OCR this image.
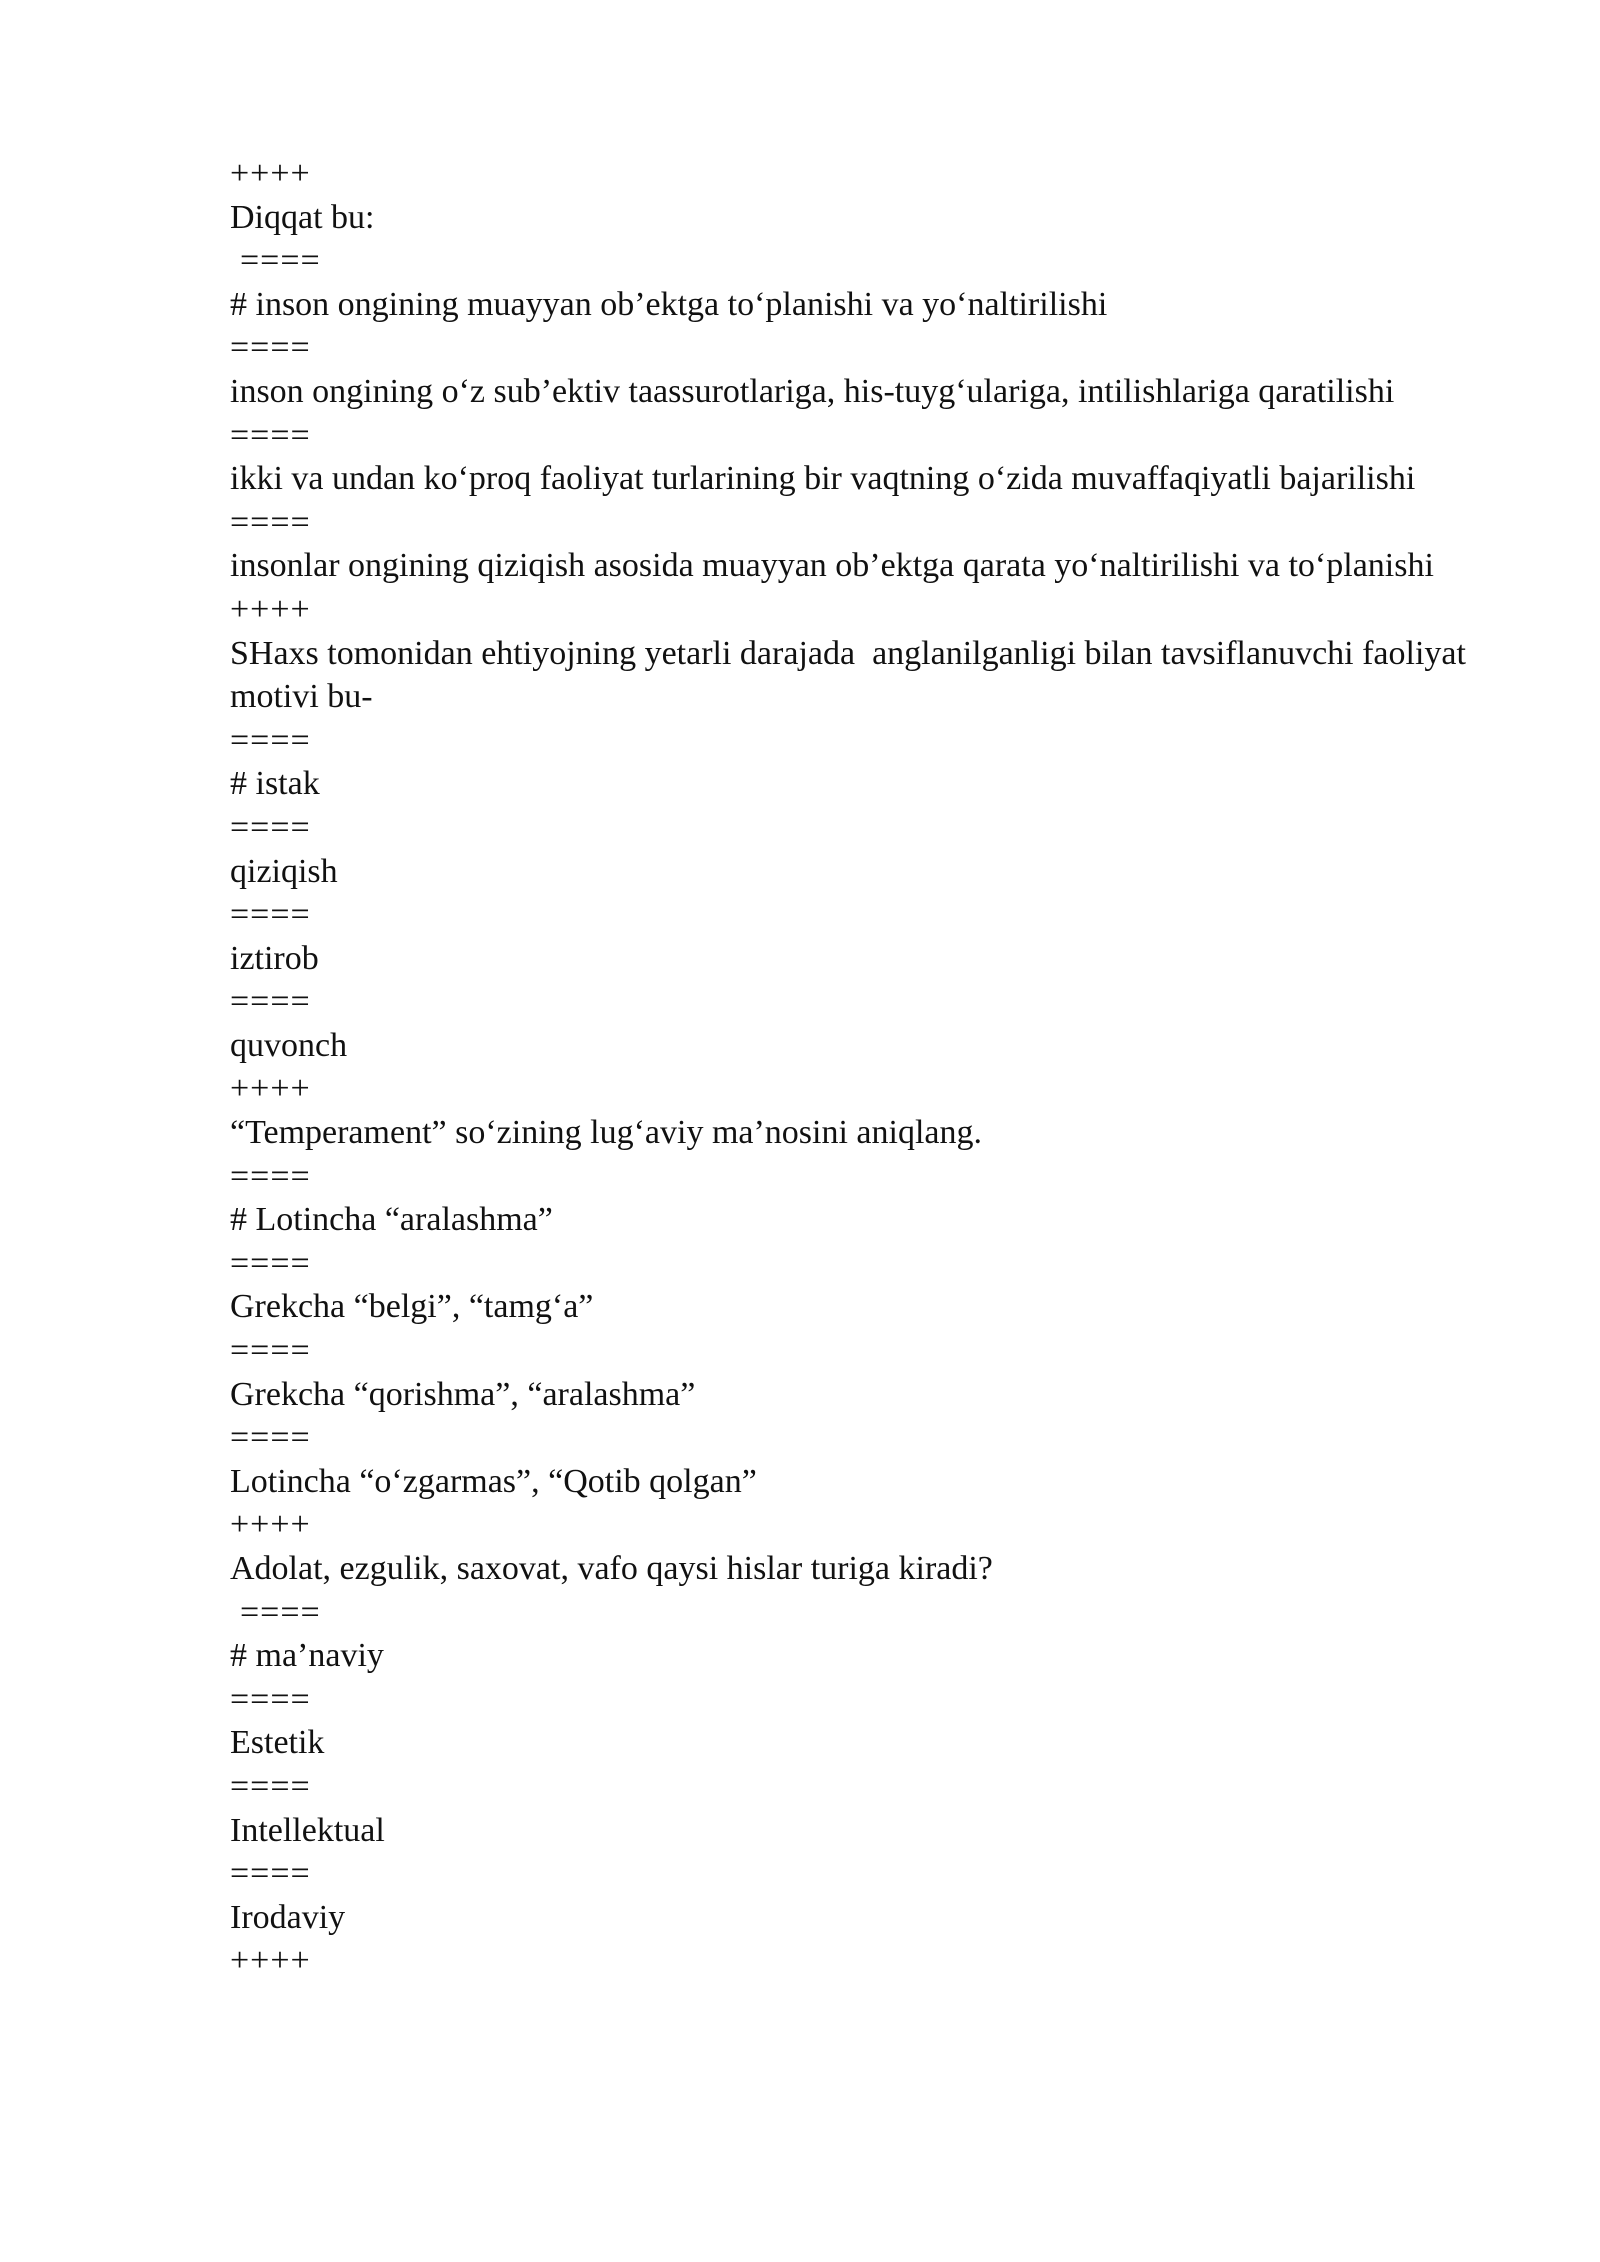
++++
Diqqat bu:
====
# inson ongining muayyan ob’ektga to‘planishi va yo‘naltirilishi
====
inson ongining o‘z sub’ektiv taassurotlariga, his-tuyg‘ulariga, intilishlariga qaratilishi
====
ikki va undan ko‘proq faoliyat turlarining bir vaqtning o‘zida muvaffaqiyatli bajarilishi
====
insonlar ongining qiziqish asosida muayyan ob’ektga qarata yo‘naltirilishi va to‘planishi
++++
SHaxs tomonidan ehtiyojning yetarli darajada  anglanilganligi bilan tavsiflanuvchi faoliyat motivi bu-
====
# istak
====
qiziqish
====
iztirob
====
quvonch
++++
“Temperament” so‘zining lug‘aviy ma’nosini aniqlang.
====
# Lotincha “aralashma”
====
Grekcha “belgi”, “tamg‘a”
====
Grekcha “qorishma”, “aralashma”
====
Lotincha “o‘zgarmas”, “Qotib qolgan”
++++
Adolat, ezgulik, saxovat, vafo qaysi hislar turiga kiradi?
====
# ma’naviy
====
Estetik
====
Intellektual
====
Irodaviy
++++
